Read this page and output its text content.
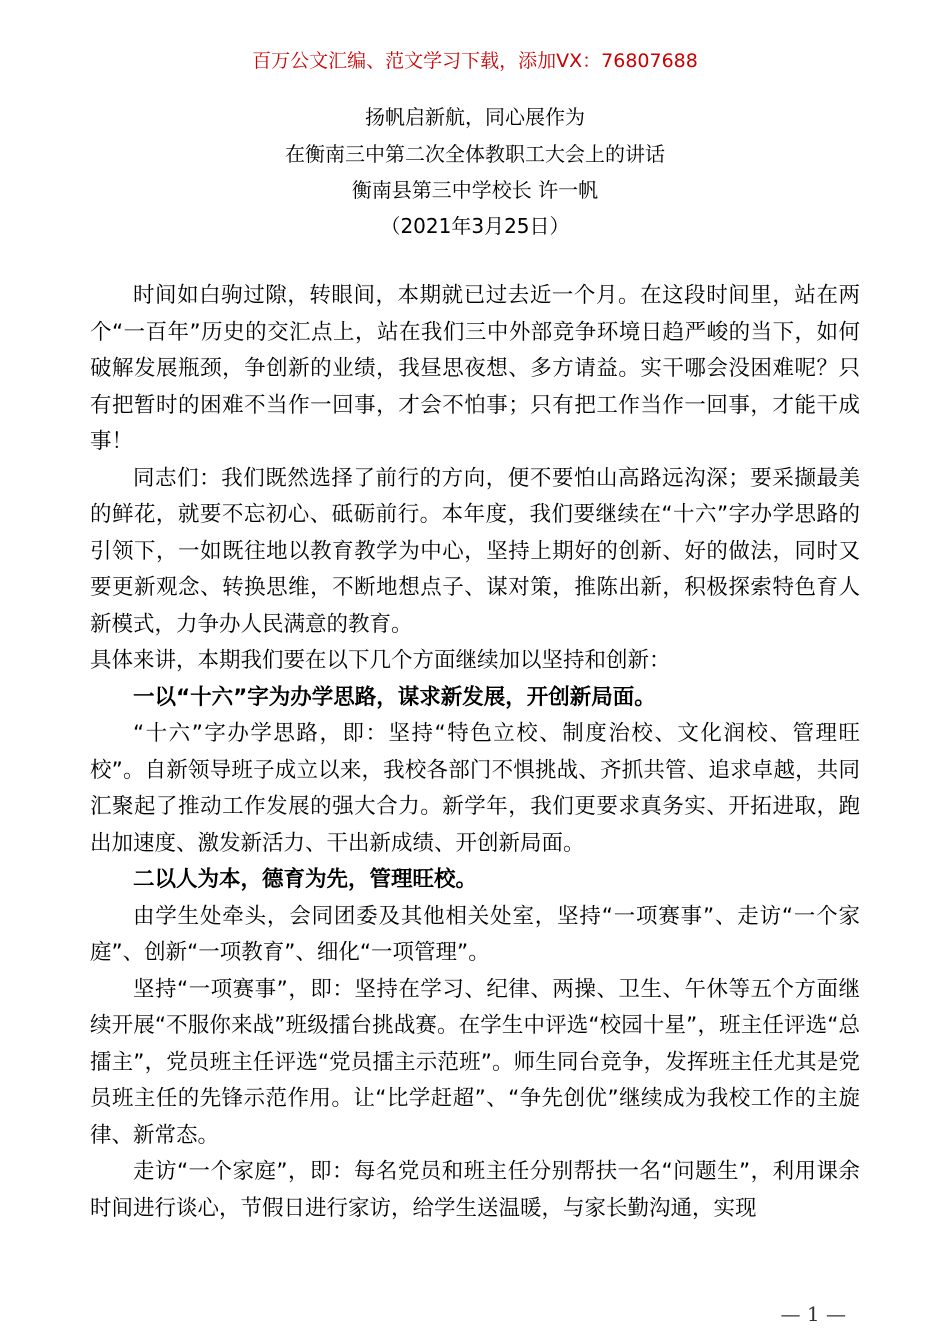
百万公文汇编、范文学习下载，添加VX：76807688
扬帆启新航，同心展作为
在衡南三中第二次全体教职工大会上的讲话
衡南县第三中学校长 许一帆
（2021年3月25日）

时间如白驹过隙，转眼间，本期就已过去近一个月。在这段时间里，站在两个“一百年”历史的交汇点上，站在我们三中外部竞争环境日趋严峻的当下，如何破解发展瓶颈，争创新的业绩，我昼思夜想、多方请益。实干哪会没困难呢？只有把暂时的困难不当作一回事，才会不怕事；只有把工作当作一回事，才能干成事！

同志们：我们既然选择了前行的方向，便不要怕山高路远沟深；要采撷最美的鲜花，就要不忘初心、砥砺前行。本年度，我们要继续在“十六”字办学思路的引领下，一如既往地以教育教学为中心，坚持上期好的创新、好的做法，同时又要更新观念、转换思维，不断地想点子、谋对策，推陈出新，积极探索特色育人新模式，力争办人民满意的教育。

具体来讲，本期我们要在以下几个方面继续加以坚持和创新：

一以“十六”字为办学思路，谋求新发展，开创新局面。

“十六”字办学思路，即：坚持“特色立校、制度治校、文化润校、管理旺校”。自新领导班子成立以来，我校各部门不惧挑战、齐抓共管、追求卓越，共同汇聚起了推动工作发展的强大合力。新学年，我们更要求真务实、开拓进取，跑出加速度、激发新活力、干出新成绩、开创新局面。

二以人为本，德育为先，管理旺校。

由学生处牵头，会同团委及其他相关处室，坚持“一项赛事”、走访“一个家庭”、创新“一项教育”、细化“一项管理”。

坚持“一项赛事”，即：坚持在学习、纪律、两操、卫生、午休等五个方面继续开展“不服你来战”班级擂台挑战赛。在学生中评选“校园十星”，班主任评选“总擂主”，党员班主任评选“党员擂主示范班”。师生同台竞争，发挥班主任尤其是党员班主任的先锋示范作用。让“比学赶超”、“争先创优”继续成为我校工作的主旋律、新常态。

走访“一个家庭”，即：每名党员和班主任分别帮扶一名“问题生”，利用课余时间进行谈心，节假日进行家访，给学生送温暖，与家长勤沟通，实现

— 1 —
